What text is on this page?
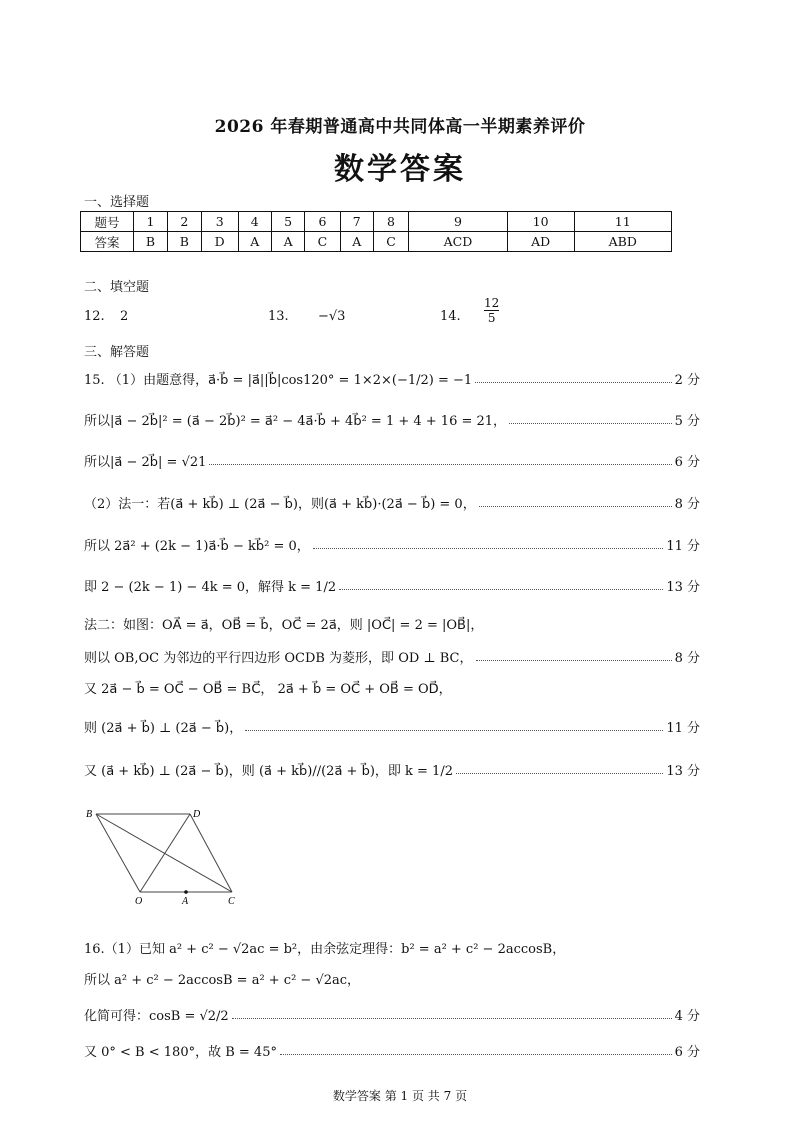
2026 年春期普通高中共同体高一半期素养评价
数学答案
一、选择题
题号	1	2	3	4	5	6	7	8	9	10	11
答案	B	B	D	A	A	C	A	C	ACD	AD	ABD
二、填空题
12. 2	13. −√3	14. $\frac{12}{5}$
三、解答题
15. （1）由题意得，a⃗·b⃗ = |a⃗||b⃗|cos120° = 1×2×(−1/2) = −1	2 分
所以|a⃗ − 2b⃗|² = (a⃗ − 2b⃗)² = a⃗² − 4a⃗·b⃗ + 4b⃗² = 1 + 4 + 16 = 21，	5 分
所以|a⃗ − 2b⃗| = √21	6 分
（2）法一：若(a⃗ + kb⃗) ⊥ (2a⃗ − b⃗)，则(a⃗ + kb⃗)·(2a⃗ − b⃗) = 0，	8 分
所以 2a⃗² + (2k − 1)a⃗·b⃗ − kb⃗² = 0，	11 分
即 2 − (2k − 1) − 4k = 0，解得 k = 1/2	13 分
法二：如图：OA⃗ = a⃗，OB⃗ = b⃗，OC⃗ = 2a⃗，则 |OC⃗| = 2 = |OB⃗|，
则以 OB,OC 为邻边的平行四边形 OCDB 为菱形，即 OD ⊥ BC，	8 分
又 2a⃗ − b⃗ = OC⃗ − OB⃗ = BC⃗， 2a⃗ + b⃗ = OC⃗ + OB⃗ = OD⃗，
则 (2a⃗ + b⃗) ⊥ (2a⃗ − b⃗)，	11 分
又 (a⃗ + kb⃗) ⊥ (2a⃗ − b⃗)，则 (a⃗ + kb⃗)//(2a⃗ + b⃗)，即 k = 1/2	13 分
B	D
O	A	C
16.（1）已知 a² + c² − √2ac = b²，由余弦定理得：b² = a² + c² − 2accosB，
所以 a² + c² − 2accosB = a² + c² − √2ac，
化简可得：cosB = √2/2	4 分
又 0° < B < 180°，故 B = 45°	6 分
数学答案 第 1 页 共 7 页
